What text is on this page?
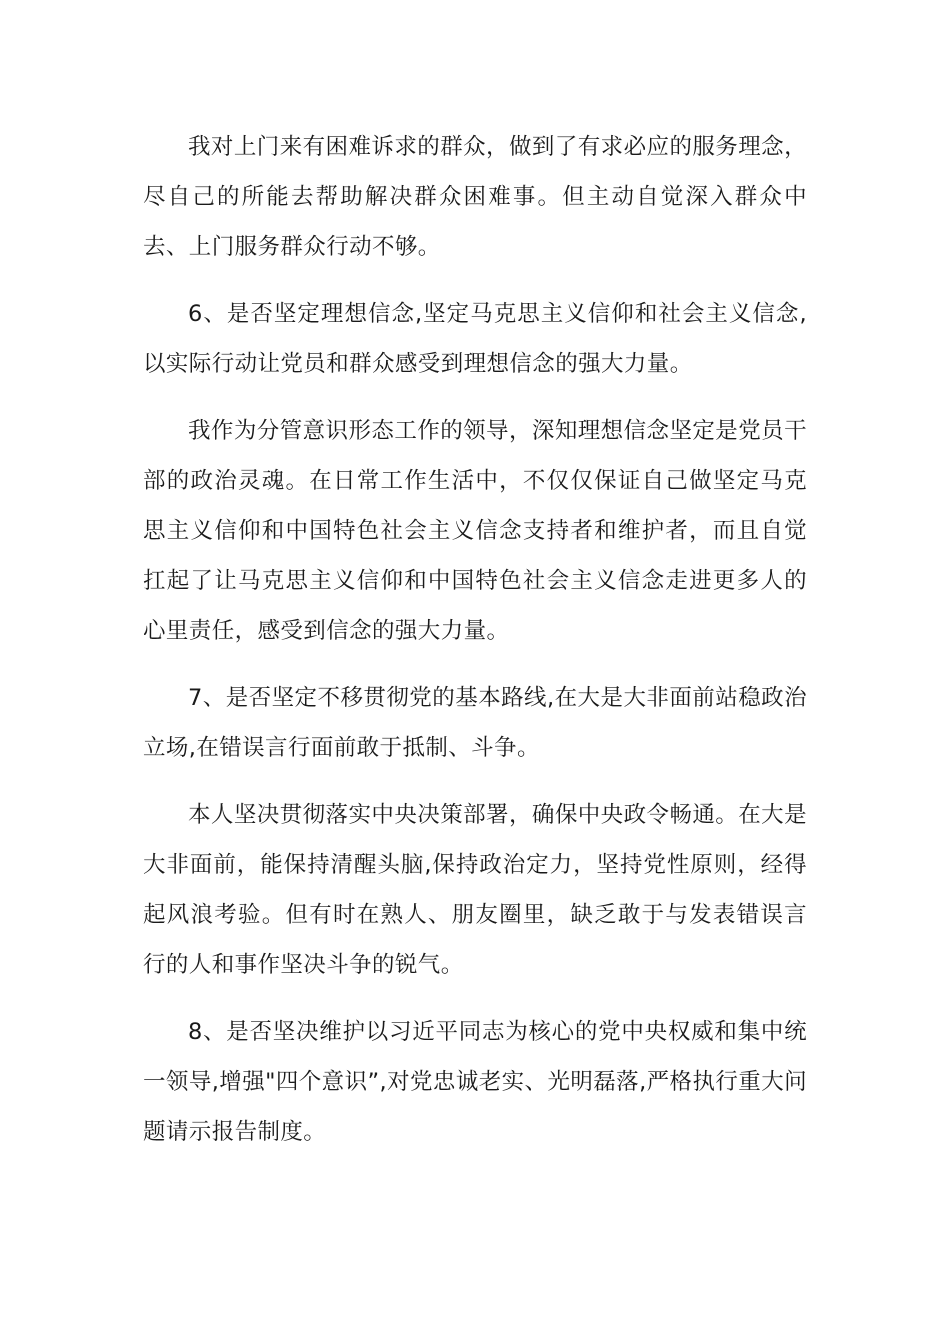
我对上门来有困难诉求的群众，做到了有求必应的服务理念，尽自己的所能去帮助解决群众困难事。但主动自觉深入群众中去、上门服务群众行动不够。

6、是否坚定理想信念,坚定马克思主义信仰和社会主义信念,以实际行动让党员和群众感受到理想信念的强大力量。

我作为分管意识形态工作的领导，深知理想信念坚定是党员干部的政治灵魂。在日常工作生活中，不仅仅保证自己做坚定马克思主义信仰和中国特色社会主义信念支持者和维护者，而且自觉扛起了让马克思主义信仰和中国特色社会主义信念走进更多人的心里责任，感受到信念的强大力量。

7、是否坚定不移贯彻党的基本路线,在大是大非面前站稳政治立场,在错误言行面前敢于抵制、斗争。

本人坚决贯彻落实中央决策部署，确保中央政令畅通。在大是大非面前，能保持清醒头脑,保持政治定力，坚持党性原则，经得起风浪考验。但有时在熟人、朋友圈里，缺乏敢于与发表错误言行的人和事作坚决斗争的锐气。

8、是否坚决维护以习近平同志为核心的党中央权威和集中统一领导,增强"四个意识”,对党忠诚老实、光明磊落,严格执行重大问题请示报告制度。
